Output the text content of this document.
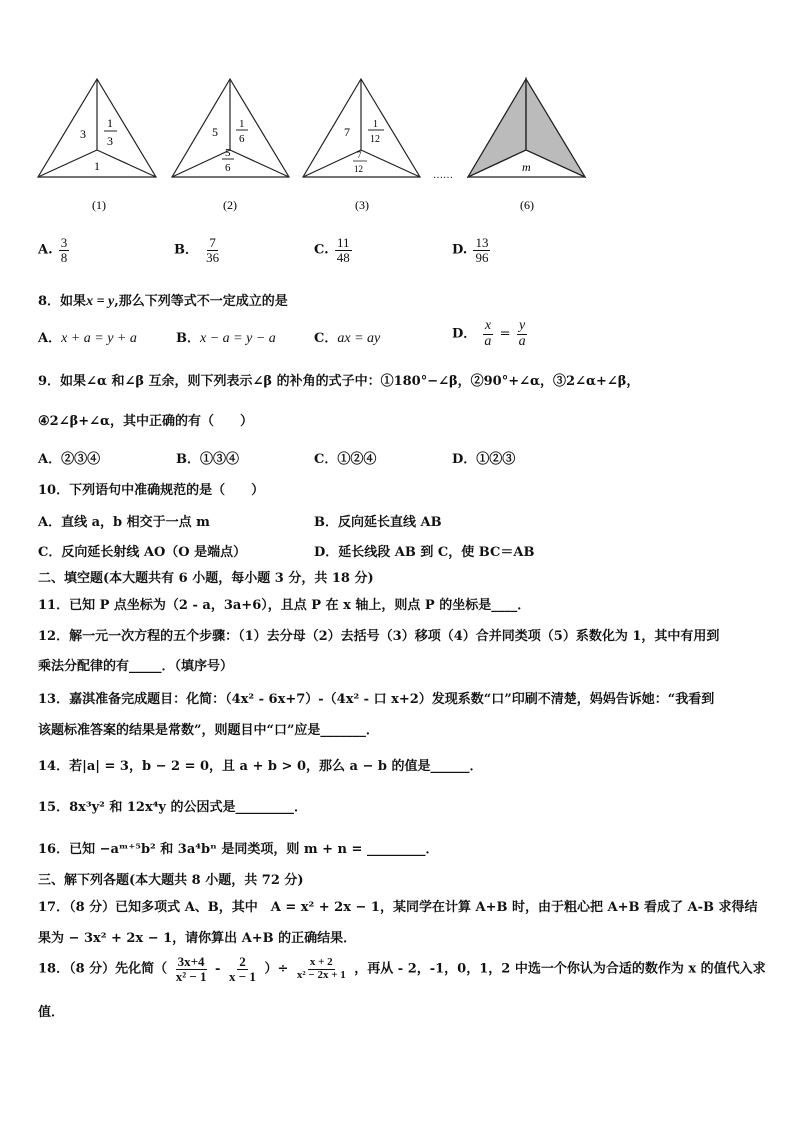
3
1
3
1
5
1
6
5
6
7
1
12
7
12
……
m
(1)	(2)	(3)	(6)
A. $\frac{3}{8}$	B． $\frac{7}{36}$	C. $\frac{11}{48}$	D. $\frac{13}{96}$
8．如果x = y,那么下列等式不一定成立的是
A．x + a = y + a	B．x − a = y − a	C．ax = ay	D． $\frac{x}{a} = \frac{y}{a}$
9．如果∠α 和∠β 互余，则下列表示∠β 的补角的式子中：①180°−∠β，②90°+∠α，③2∠α+∠β，
④2∠β+∠α，其中正确的有（　　）
A．②③④	B．①③④	C．①②④	D．①②③
10．下列语句中准确规范的是（　　）
A．直线 a，b 相交于一点 m	B．反向延长直线 AB
C．反向延长射线 AO（O 是端点）	D．延长线段 AB 到 C，使 BC＝AB
二、填空题(本大题共有 6 小题，每小题 3 分，共 18 分)
11．已知 P 点坐标为（2 - a，3a+6），且点 P 在 x 轴上，则点 P 的坐标是____．
12．解一元一次方程的五个步骤：（1）去分母（2）去括号（3）移项（4）合并同类项（5）系数化为 1，其中有用到
乘法分配律的有_____．（填序号）
13．嘉淇准备完成题目：化简：（4x² - 6x+7）-（4x² - 口 x+2）发现系数“口”印刷不清楚，妈妈告诉她：“我看到
该题标准答案的结果是常数”，则题目中“口”应是_______．
14．若|a| = 3，b − 2 = 0，且 a + b > 0，那么 a − b 的值是______．
15．8x³y² 和 12x⁴y 的公因式是_________．
16．已知 −aᵐ⁺⁵b² 和 3a⁴bⁿ 是同类项，则 m + n = _________．
三、解下列各题(本大题共 8 小题，共 72 分)
17．（8 分）已知多项式 A、B，其中　A = x² + 2x − 1，某同学在计算 A+B 时，由于粗心把 A+B 看成了 A-B 求得结
果为 − 3x² + 2x − 1，请你算出 A+B 的正确结果．
18．（8 分）先化简（ $\frac{3x+4}{\text{x² − 1}} - \frac{2}{x - 1}$ ）÷ $\frac{x + 2}{\text{x² − 2x + 1}}$ ，再从 - 2，-1，0，1，2 中选一个你认为合适的数作为 x 的值代入求
值．
